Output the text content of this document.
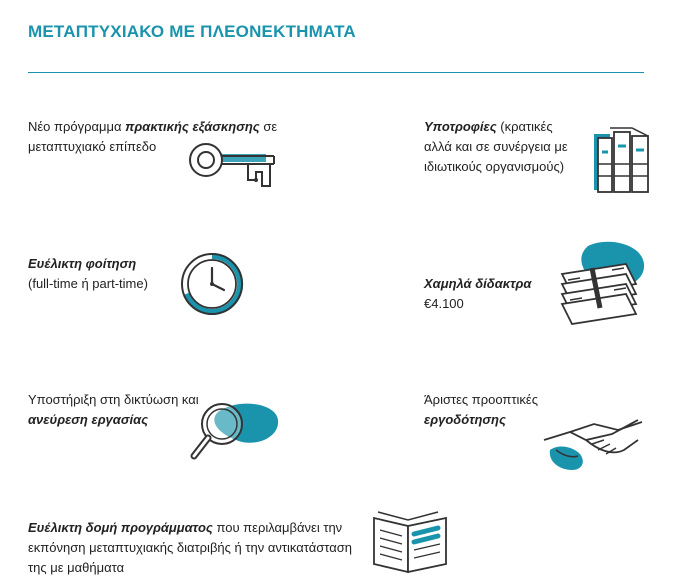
ΜΕΤΑΠΤΥΧΙΑΚΟ ΜΕ ΠΛΕΟΝΕΚΤΗΜΑΤΑ
Νέο πρόγραμμα πρακτικής εξάσκησης σε μεταπτυχιακό επίπεδο
Υποτροφίες (κρατικές αλλά και σε συνέργεια με ιδιωτικούς οργανισμούς)
Ευέλικτη φοίτηση
(full-time ή part-time)	Χαμηλά δίδακτρα
€4.100
Υποστήριξη στη δικτύωση και ανεύρεση εργασίας
Άριστες προοπτικές
εργοδότησης
Ευέλικτη δομή προγράμματος που περιλαμβάνει την εκπόνηση μεταπτυχιακής διατριβής ή την αντικατάσταση της με μαθήματα
